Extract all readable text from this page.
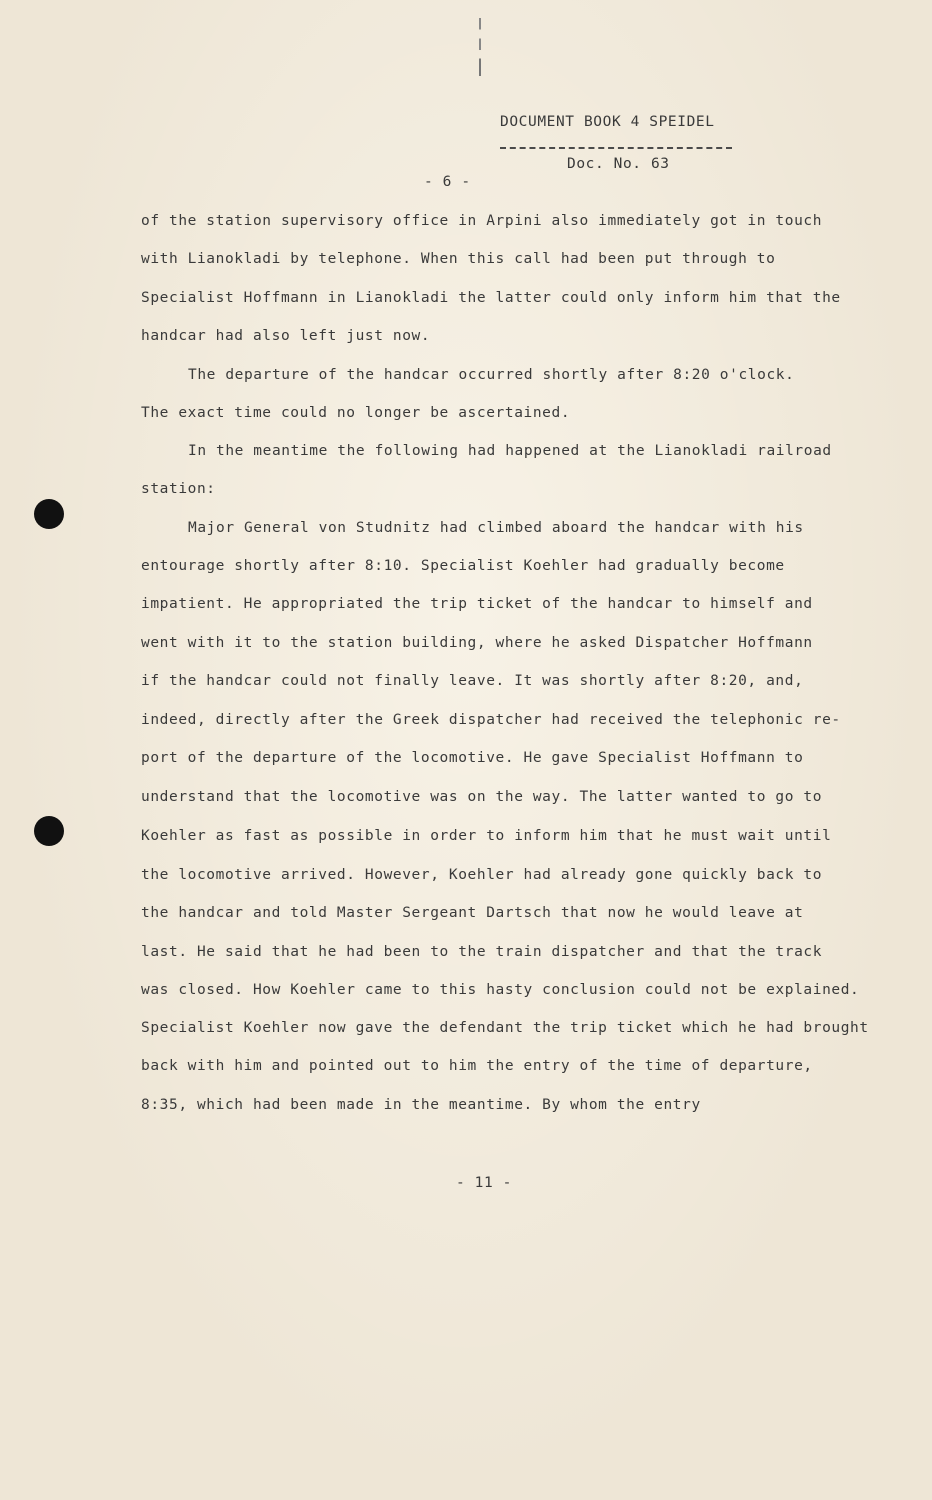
DOCUMENT BOOK 4 SPEIDEL
Doc. No. 63
- 6 -
of the station supervisory office in Arpini also immediately got in touch
with Lianokladi by telephone. When this call had been put through to
Specialist Hoffmann in Lianokladi the latter could only inform him that the
handcar had also left just now.
The departure of the handcar occurred shortly after 8:20 o'clock.
The exact time could no longer be ascertained.
In the meantime the following had happened at the Lianokladi railroad
station:
Major General von Studnitz had climbed aboard the handcar with his
entourage shortly after 8:10. Specialist Koehler had gradually become
impatient. He appropriated the trip ticket of the handcar to himself and
went with it to the station building, where he asked Dispatcher Hoffmann
if the handcar could not finally leave. It was shortly after 8:20, and,
indeed, directly after the Greek dispatcher had received the telephonic re-
port of the departure of the locomotive. He gave Specialist Hoffmann to
understand that the locomotive was on the way. The latter wanted to go to
Koehler as fast as possible in order to inform him that he must wait until
the locomotive arrived. However, Koehler had already gone quickly back to
the handcar and told Master Sergeant Dartsch that now he would leave at
last. He said that he had been to the train dispatcher and that the track
was closed. How Koehler came to this hasty conclusion could not be explained.
Specialist Koehler now gave the defendant the trip ticket which he had brought
back with him and pointed out to him the entry of the time of departure,
8:35, which had been made in the meantime. By whom the entry
- 11 -
